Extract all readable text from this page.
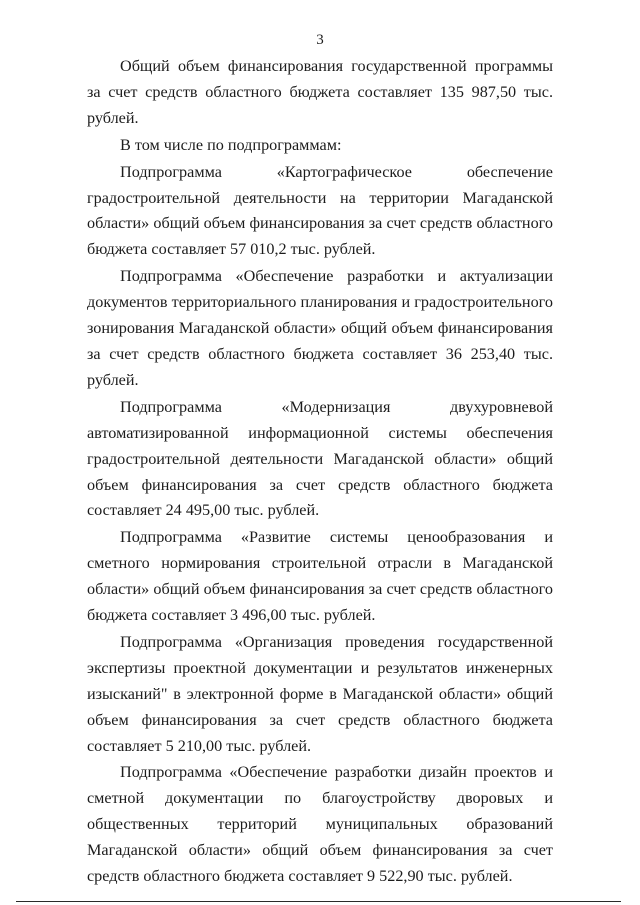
3

Общий объем финансирования государственной программы за счет средств областного бюджета составляет 135 987,50 тыс. рублей.

В том числе по подпрограммам:

Подпрограмма «Картографическое обеспечение градостроительной деятельности на территории Магаданской области» общий объем финансирования за счет средств областного бюджета составляет 57 010,2 тыс. рублей.

Подпрограмма «Обеспечение разработки и актуализации документов территориального планирования и градостроительного зонирования Магаданской области» общий объем финансирования за счет средств областного бюджета составляет 36 253,40 тыс. рублей.

Подпрограмма «Модернизация двухуровневой автоматизированной информационной системы обеспечения градостроительной деятельности Магаданской области» общий объем финансирования за счет средств областного бюджета составляет 24 495,00 тыс. рублей.

Подпрограмма «Развитие системы ценообразования и сметного нормирования строительной отрасли в Магаданской области» общий объем финансирования за счет средств областного бюджета составляет 3 496,00 тыс. рублей.

Подпрограмма «Организация проведения государственной экспертизы проектной документации и результатов инженерных изысканий" в электронной форме в Магаданской области» общий объем финансирования за счет средств областного бюджета составляет 5 210,00 тыс. рублей.

Подпрограмма «Обеспечение разработки дизайн проектов и сметной документации по благоустройству дворовых и общественных территорий муниципальных образований Магаданской области» общий объем финансирования за счет средств областного бюджета составляет 9 522,90 тыс. рублей.
